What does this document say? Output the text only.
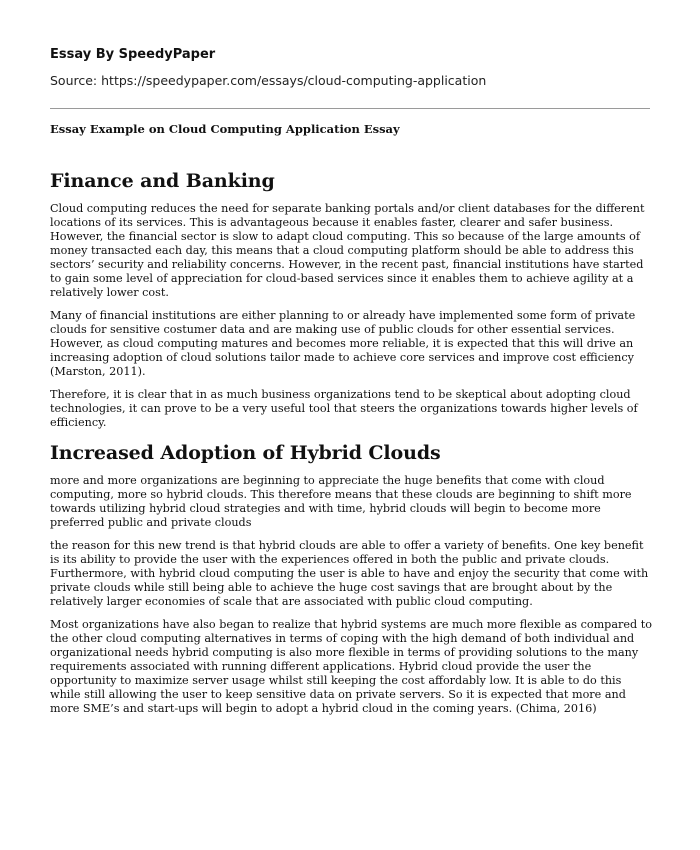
Essay By SpeedyPaper
Source: https://speedypaper.com/essays/cloud-computing-application
Essay Example on Cloud Computing Application Essay
Finance and Banking

Cloud computing reduces the need for separate banking portals and/or client databases for the different locations of its services. This is advantageous because it enables faster, clearer and safer business. However, the financial sector is slow to adapt cloud computing. This so because of the large amounts of money transacted each day, this means that a cloud computing platform should be able to address this sectors’ security and reliability concerns. However, in the recent past, financial institutions have started to gain some level of appreciation for cloud-based services since it enables them to achieve agility at a relatively lower cost.

Many of financial institutions are either planning to or already have implemented some form of private clouds for sensitive costumer data and are making use of public clouds for other essential services. However, as cloud computing matures and becomes more reliable, it is expected that this will drive an increasing adoption of cloud solutions tailor made to achieve core services and improve cost efficiency (Marston, 2011).

Therefore, it is clear that in as much business organizations tend to be skeptical about adopting cloud technologies, it can prove to be a very useful tool that steers the organizations towards higher levels of efficiency.

Increased Adoption of Hybrid Clouds

more and more organizations are beginning to appreciate the huge benefits that come with cloud computing, more so hybrid clouds. This therefore means that these clouds are beginning to shift more towards utilizing hybrid cloud strategies and with time, hybrid clouds will begin to become more preferred public and private clouds

the reason for this new trend is that hybrid clouds are able to offer a variety of benefits. One key benefit is its ability to provide the user with the experiences offered in both the public and private clouds. Furthermore, with hybrid cloud computing the user is able to have and enjoy the security that come with private clouds while still being able to achieve the huge cost savings that are brought about by the relatively larger economies of scale that are associated with public cloud computing.

Most organizations have also began to realize that hybrid systems are much more flexible as compared to the other cloud computing alternatives in terms of coping with the high demand of both individual and organizational needs hybrid computing is also more flexible in terms of providing solutions to the many requirements associated with running different applications. Hybrid cloud provide the user the opportunity to maximize server usage whilst still keeping the cost affordably low. It is able to do this while still allowing the user to keep sensitive data on private servers. So it is expected that more and more SME’s and start-ups will begin to adopt a hybrid cloud in the coming years. (Chima, 2016)
